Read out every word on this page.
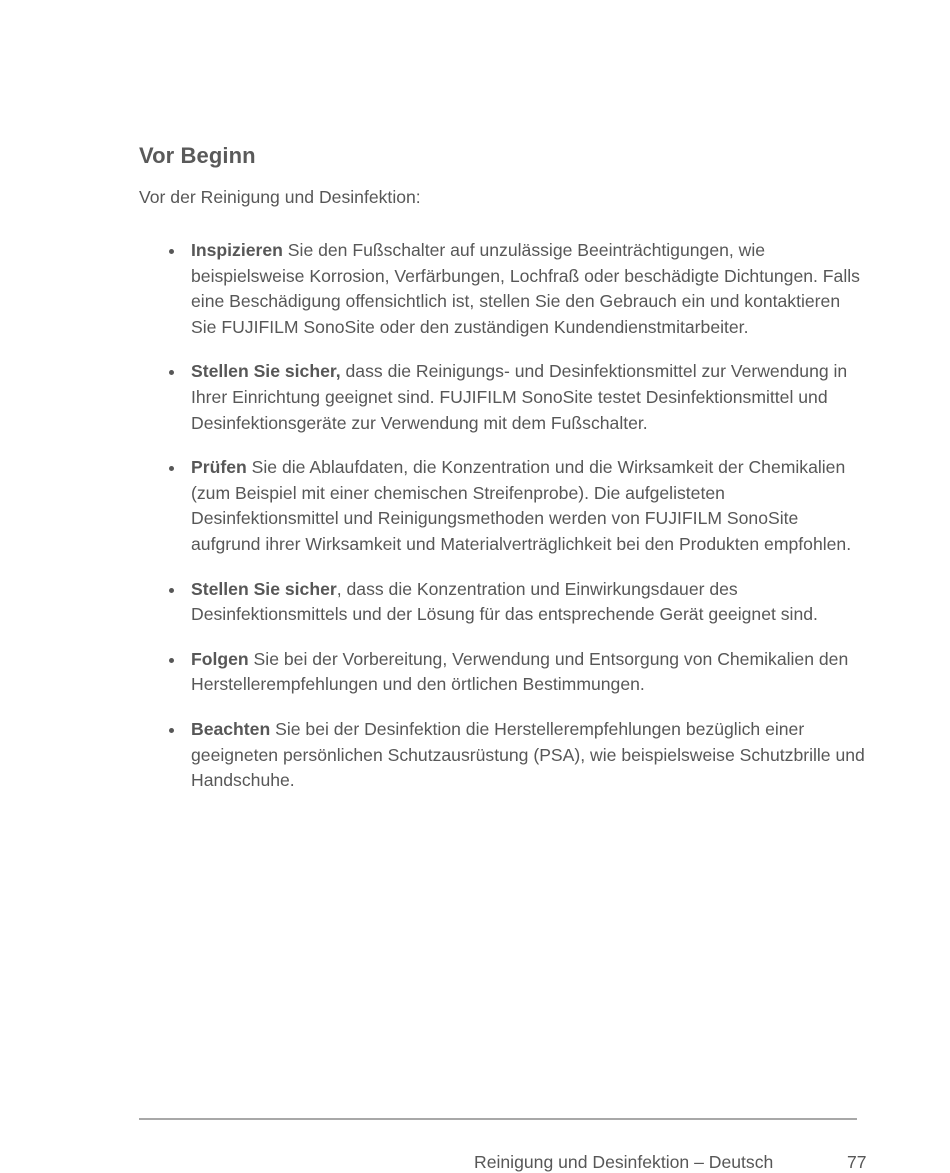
Vor Beginn

Vor der Reinigung und Desinfektion:

Inspizieren Sie den Fußschalter auf unzulässige Beeinträchtigungen, wie beispielsweise Korrosion, Verfärbungen, Lochfraß oder beschädigte Dichtungen. Falls eine Beschädigung offensichtlich ist, stellen Sie den Gebrauch ein und kontaktieren Sie FUJIFILM SonoSite oder den zuständigen Kundendienstmitarbeiter.
Stellen Sie sicher, dass die Reinigungs- und Desinfektionsmittel zur Verwendung in Ihrer Einrichtung geeignet sind. FUJIFILM SonoSite testet Desinfektionsmittel und Desinfektionsgeräte zur Verwendung mit dem Fußschalter.
Prüfen Sie die Ablaufdaten, die Konzentration und die Wirksamkeit der Chemikalien (zum Beispiel mit einer chemischen Streifenprobe). Die aufgelisteten Desinfektionsmittel und Reinigungsmethoden werden von FUJIFILM SonoSite aufgrund ihrer Wirksamkeit und Materialverträglichkeit bei den Produkten empfohlen.
Stellen Sie sicher, dass die Konzentration und Einwirkungsdauer des Desinfektionsmittels und der Lösung für das entsprechende Gerät geeignet sind.
Folgen Sie bei der Vorbereitung, Verwendung und Entsorgung von Chemikalien den Herstellerempfehlungen und den örtlichen Bestimmungen.
Beachten Sie bei der Desinfektion die Herstellerempfehlungen bezüglich einer geeigneten persönlichen Schutzausrüstung (PSA), wie beispielsweise Schutzbrille und Handschuhe.
Reinigung und Desinfektion – Deutsch	77
